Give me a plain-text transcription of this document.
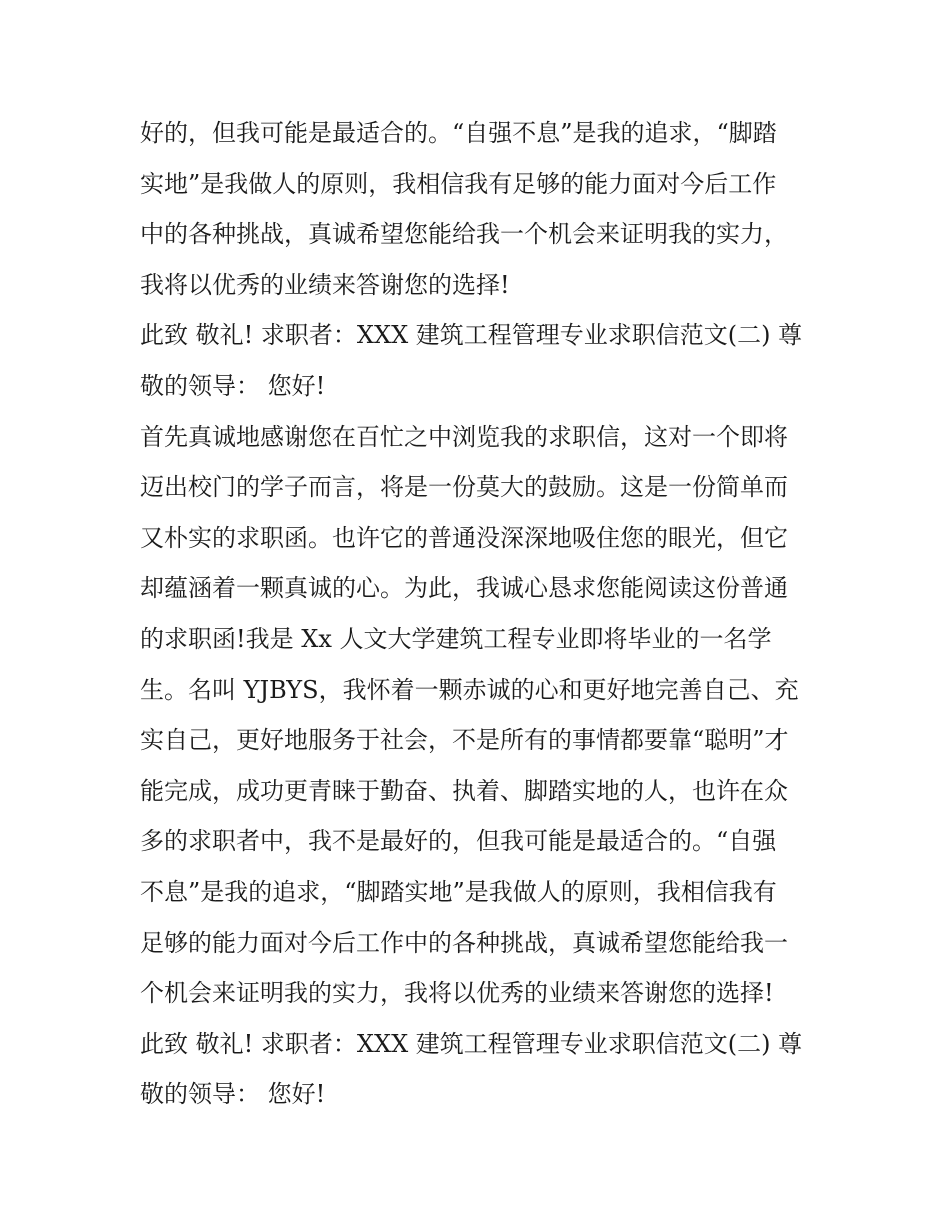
好的，但我可能是最适合的。“自强不息”是我的追求，“脚踏
实地”是我做人的原则，我相信我有足够的能力面对今后工作
中的各种挑战，真诚希望您能给我一个机会来证明我的实力，
我将以优秀的业绩来答谢您的选择!
此致 敬礼! 求职者：XXX 建筑工程管理专业求职信范文(二) 尊
敬的领导： 您好!
首先真诚地感谢您在百忙之中浏览我的求职信，这对一个即将
迈出校门的学子而言，将是一份莫大的鼓励。这是一份简单而
又朴实的求职函。也许它的普通没深深地吸住您的眼光，但它
却蕴涵着一颗真诚的心。为此，我诚心恳求您能阅读这份普通
的求职函!我是 Xx 人文大学建筑工程专业即将毕业的一名学
生。名叫 YJBYS，我怀着一颗赤诚的心和更好地完善自己、充
实自己，更好地服务于社会，不是所有的事情都要靠“聪明”才
能完成，成功更青睐于勤奋、执着、脚踏实地的人，也许在众
多的求职者中，我不是最好的，但我可能是最适合的。“自强
不息”是我的追求，“脚踏实地”是我做人的原则，我相信我有
足够的能力面对今后工作中的各种挑战，真诚希望您能给我一
个机会来证明我的实力，我将以优秀的业绩来答谢您的选择!
此致 敬礼! 求职者：XXX 建筑工程管理专业求职信范文(二) 尊
敬的领导： 您好!
